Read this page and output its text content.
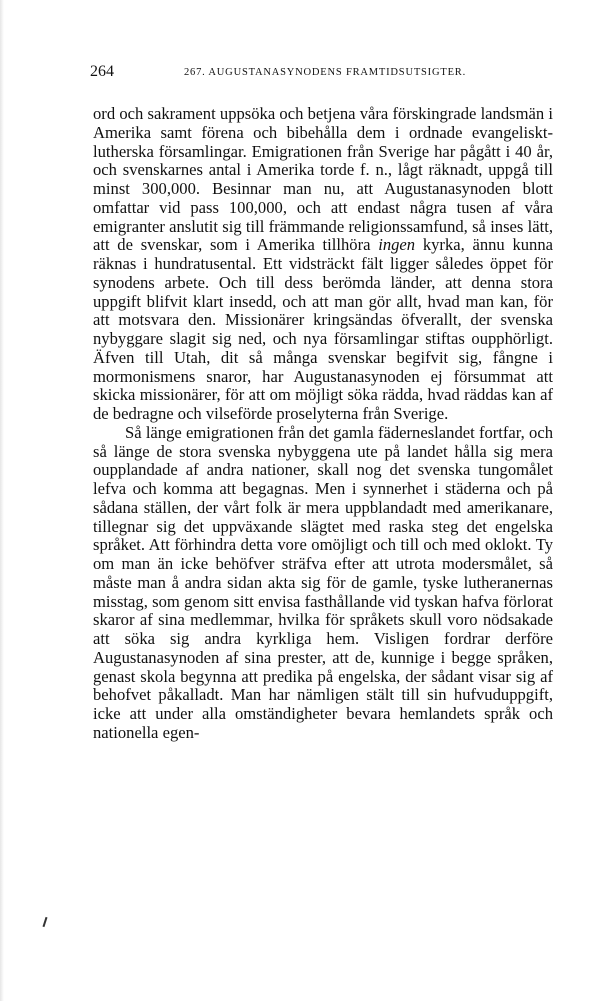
264	267. AUGUSTANASYNODENS FRAMTIDSUTSIGTER.

ord och sakrament uppsöka och betjena våra förskingrade landsmän i Amerika samt förena och bibehålla dem i ordnade evangeliskt-lutherska församlingar. Emigrationen från Sverige har pågått i 40 år, och svenskarnes antal i Amerika torde f. n., lågt räknadt, uppgå till minst 300,000. Besinnar man nu, att Augustanasynoden blott omfattar vid pass 100,000, och att endast några tusen af våra emigranter anslutit sig till främmande religionssamfund, så inses lätt, att de svenskar, som i Amerika tillhöra ingen kyrka, ännu kunna räknas i hundratusental. Ett vidsträckt fält ligger således öppet för synodens arbete. Och till dess berömda länder, att denna stora uppgift blifvit klart insedd, och att man gör allt, hvad man kan, för att motsvara den. Missionärer kringsändas öfverallt, der svenska nybyggare slagit sig ned, och nya församlingar stiftas oupphörligt. Äfven till Utah, dit så många svenskar begifvit sig, fångne i mormonismens snaror, har Augustanasynoden ej försummat att skicka missionärer, för att om möjligt söka rädda, hvad räddas kan af de bedragne och vilseförde proselyterna från Sverige.

Så länge emigrationen från det gamla fäderneslandet fortfar, och så länge de stora svenska nybyggena ute på landet hålla sig mera oupplandade af andra nationer, skall nog det svenska tungomålet lefva och komma att begagnas. Men i synnerhet i städerna och på sådana ställen, der vårt folk är mera uppblandadt med amerikanare, tillegnar sig det uppväxande slägtet med raska steg det engelska språket. Att förhindra detta vore omöjligt och till och med oklokt. Ty om man än icke behöfver sträfva efter att utrota modersmålet, så måste man å andra sidan akta sig för de gamle, tyske lutheranernas misstag, som genom sitt envisa fasthållande vid tyskan hafva förlorat skaror af sina medlemmar, hvilka för språkets skull voro nödsakade att söka sig andra kyrkliga hem. Visligen fordrar derföre Augustanasynoden af sina prester, att de, kunnige i begge språken, genast skola begynna att predika på engelska, der sådant visar sig af behofvet påkalladt. Man har nämligen stält till sin hufvuduppgift, icke att under alla omständigheter bevara hemlandets språk och nationella egen-
